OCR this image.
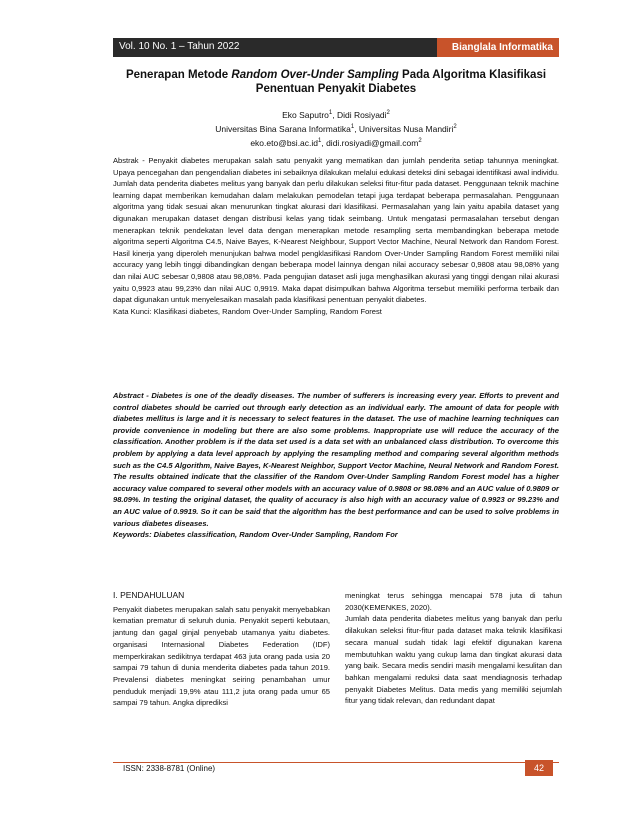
Vol. 10 No. 1 – Tahun 2022	Bianglala Informatika
Penerapan Metode Random Over-Under Sampling Pada Algoritma Klasifikasi
Penentuan Penyakit Diabetes
Eko Saputro$^1$, Didi Rosiyadi$^2$
Universitas Bina Sarana Informatika$^1$, Universitas Nusa Mandiri$^2$
$eko.eto@bsi.ac.id^1$, didi.rosiyadi@gmail.com$^2$

Abstrak - Penyakit diabetes merupakan salah satu penyakit yang mematikan dan jumlah penderita setiap tahunnya meningkat. Upaya pencegahan dan pengendalian diabetes ini sebaiknya dilakukan melalui edukasi deteksi dini sebagai identifikasi awal individu. Jumlah data penderita diabetes melitus yang banyak dan perlu dilakukan seleksi fitur-fitur pada dataset. Penggunaan teknik machine learning dapat memberikan kemudahan dalam melakukan pemodelan tetapi juga terdapat beberapa permasalahan. Penggunaan algoritma yang tidak sesuai akan menurunkan tingkat akurasi dari klasifikasi. Permasalahan yang lain yaitu apabila dataset yang digunakan merupakan dataset dengan distribusi kelas yang tidak seimbang. Untuk mengatasi permasalahan tersebut dengan menerapkan teknik pendekatan level data dengan menerapkan metode resampling serta membandingkan beberapa metode algoritma seperti Algoritma C4.5, Naive Bayes, K-Nearest Neighbour, Support Vector Machine, Neural Network dan Random Forest. Hasil kinerja yang diperoleh menunjukan bahwa model pengklasifikasi Random Over-Under Sampling Random Forest memiliki nilai accuracy yang lebih tinggi dibandingkan dengan beberapa model lainnya dengan nilai accuracy sebesar 0,9808 atau 98,08% yang dan nilai AUC sebesar 0,9808 atau 98,08%. Pada pengujian dataset asli juga menghasilkan akurasi yang tinggi dengan nilai akurasi yaitu 0,9923 atau 99,23% dan nilai AUC 0,9919. Maka dapat disimpulkan bahwa Algoritma tersebut memiliki performa terbaik dan dapat digunakan untuk menyelesaikan masalah pada klasifikasi penentuan penyakit diabetes.

Kata Kunci: Klasifikasi diabetes, Random Over-Under Sampling, Random Forest

Abstract - Diabetes is one of the deadly diseases. The number of sufferers is increasing every year. Efforts to prevent and control diabetes should be carried out through early detection as an individual early. The amount of data for people with diabetes mellitus is large and it is necessary to select features in the dataset. The use of machine learning techniques can provide convenience in modeling but there are also some problems. Inappropriate use will reduce the accuracy of the classification. Another problem is if the data set used is a data set with an unbalanced class distribution. To overcome this problem by applying a data level approach by applying the resampling method and comparing several algorithm methods such as the C4.5 Algorithm, Naive Bayes, K-Nearest Neighbor, Support Vector Machine, Neural Network and Random Forest. The results obtained indicate that the classifier of the Random Over-Under Sampling Random Forest model has a higher accuracy value compared to several other models with an accuracy value of 0.9808 or 98.08% and an AUC value of 0.9809 or 98.09%. In testing the original dataset, the quality of accuracy is also high with an accuracy value of 0.9923 or 99.23% and an AUC value of 0.9919. So it can be said that the algorithm has the best performance and can be used to solve problems in various diabetes diseases.

Keywords: Diabetes classification, Random Over-Under Sampling, Random For

I. PENDAHULUAN

Penyakit diabetes merupakan salah satu penyakit menyebabkan kematian prematur di seluruh dunia. Penyakit seperti kebutaan, jantung dan gagal ginjal penyebab utamanya yaitu diabetes. organisasi Internasional Diabetes Federation (IDF) memperkirakan sedikitnya terdapat 463 juta orang pada usia 20 sampai 79 tahun di dunia menderita diabetes pada tahun 2019. Prevalensi diabetes meningkat seiring penambahan umur penduduk menjadi 19,9% atau 111,2 juta orang pada umur 65 sampai 79 tahun. Angka diprediksi

meningkat terus sehingga mencapai 578 juta di tahun 2030(KEMENKES, 2020).

Jumlah data penderita diabetes melitus yang banyak dan perlu dilakukan seleksi fitur-fitur pada dataset maka teknik klasifikasi secara manual sudah tidak lagi efektif digunakan karena membutuhkan waktu yang cukup lama dan tingkat akurasi data yang baik. Secara medis sendiri masih mengalami kesulitan dan bahkan mengalami reduksi data saat mendiagnosis terhadap penyakit Diabetes Melitus. Data medis yang memiliki sejumlah fitur yang tidak relevan, dan redundant dapat

ISSN: 2338-8781 (Online)	42
